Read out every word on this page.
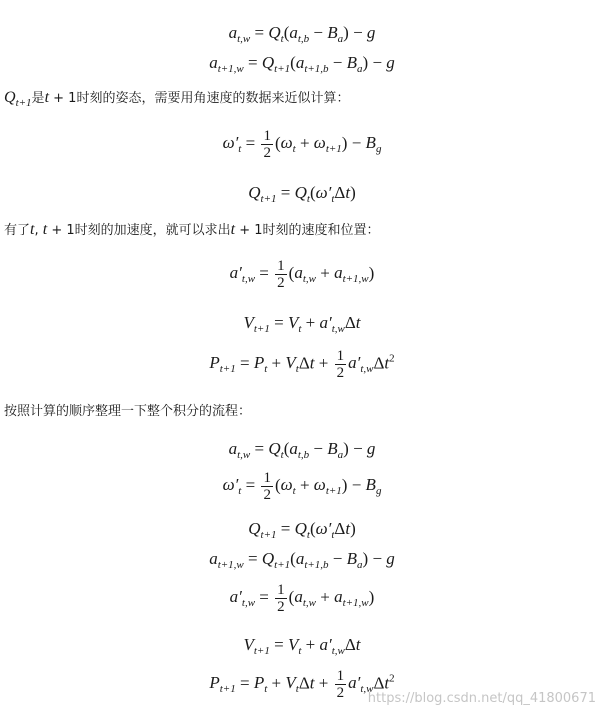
$a_{t,w} = Q_t(a_{t,b} - B_a) - g$
$a_{t+1,w} = Q_{t+1}(a_{t+1,b} - B_a) - g$
$Q_{t+1}$是t + 1时刻的姿态，需要用角速度的数据来近似计算：
$\omega'_t = \frac{1}{2} (\omega_t + \omega_{t+1}) - B_g$
$Q_{t+1} = Q_t(\omega'_t\Delta t)$
有了t, t + 1时刻的加速度，就可以求出t + 1时刻的速度和位置：
$a'_{t,w} = \frac{1}{2} (a_{t,w} + a_{t+1,w})$
$V_{t+1} = V_t + a'_{t,w}\Delta t$
$P_{t+1} = P_t + V_t\Delta t + \frac{1}{2} a'_{t,w}\Delta t^2$
按照计算的顺序整理一下整个积分的流程：
$a_{t,w} = Q_t(a_{t,b} - B_a) - g$
$\omega'_t = \frac{1}{2} (\omega_t + \omega_{t+1}) - B_g$
$Q_{t+1} = Q_t(\omega'_t\Delta t)$
$a_{t+1,w} = Q_{t+1}(a_{t+1,b} - B_a) - g$
$a'_{t,w} = \frac{1}{2} (a_{t,w} + a_{t+1,w})$
$V_{t+1} = V_t + a'_{t,w}\Delta t$
$P_{t+1} = P_t + V_t\Delta t + \frac{1}{2} a'_{t,w}\Delta t^2$
https://blog.csdn.net/qq_41800671
